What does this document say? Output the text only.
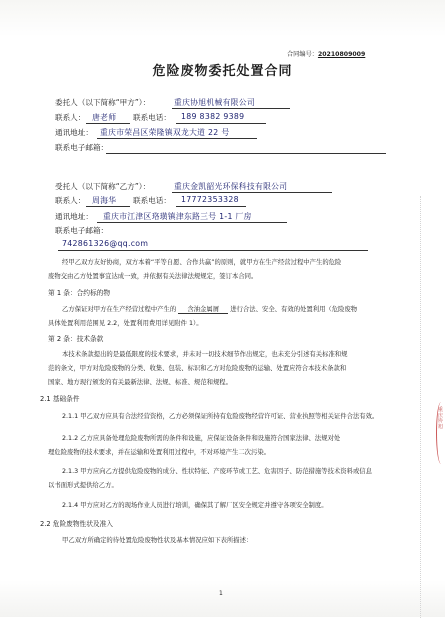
合同编号：20210809009
危险废物委托处置合同
委托人（以下简称“甲方”）：	重庆协旭机械有限公司
联系人： 唐老师 联系电话： 189 8382 9389
通讯地址： 重庆市荣昌区荣隆镇双龙大道 22 号
联系电子邮箱：
受托人（以下简称“乙方”）：	重庆金凯韶光环保科技有限公司
联系人： 周海华 联系电话： 17772353328
通讯地址： 重庆市江津区珞璜镇津东路三号 1-1 厂房
联系电子邮箱：
742861326@qq.com
经甲乙双方友好协商，双方本着“平等自愿、合作共赢”的原则，就甲方在生产经营过程中产生的危险
废物交由乙方处置事宜达成一致，并依据有关法律法规规定，签订本合同。
第 1 条：合约标的物
乙方保证对甲方在生产经营过程中产生的 含油金属屑 进行合法、安全、有效的处置利用（危险废物
具体处置利用范围见 2.2，处置利用费用详见附件 1）。
第 2 条：技术条款
本技术条款提出的是最低限度的技术要求，并未对一切技术细节作出规定，也未充分引述有关标准和规
范的条文，甲方对危险废物的分类、收集、包装、标识和乙方对危险废物的运输、处置应符合本技术条款和
国家、地方现行颁发的有关最新法律、法规、标准、规范和规程。
2.1 基础条件
2.1.1 甲乙双方应具有合法经营资格，乙方必须保证所持有危险废物经营许可证、营业执照等相关证件合法有效。
2.1.2 乙方应具备处理危险废物所需的条件和设施，应保证设备条件和设施符合国家法律、法规对处
理危险废物的技术要求，并在运输和处置利用过程中，不对环境产生二次污染。
2.1.3 甲方应向乙方提供危险废物的成分、性状特征、产废环节或工艺、危害因子、防范措施等技术资料或信息
以书面形式提供给乙方。
2.1.4 甲方应对乙方的现场作业人员进行培训，确保其了解厂区安全规定并遵守各项安全制度。
2.2 危险废物性状及准入
甲乙双方所确定的待处置危险废物性状及基本情况应如下表所描述：
1
重庆协旭
